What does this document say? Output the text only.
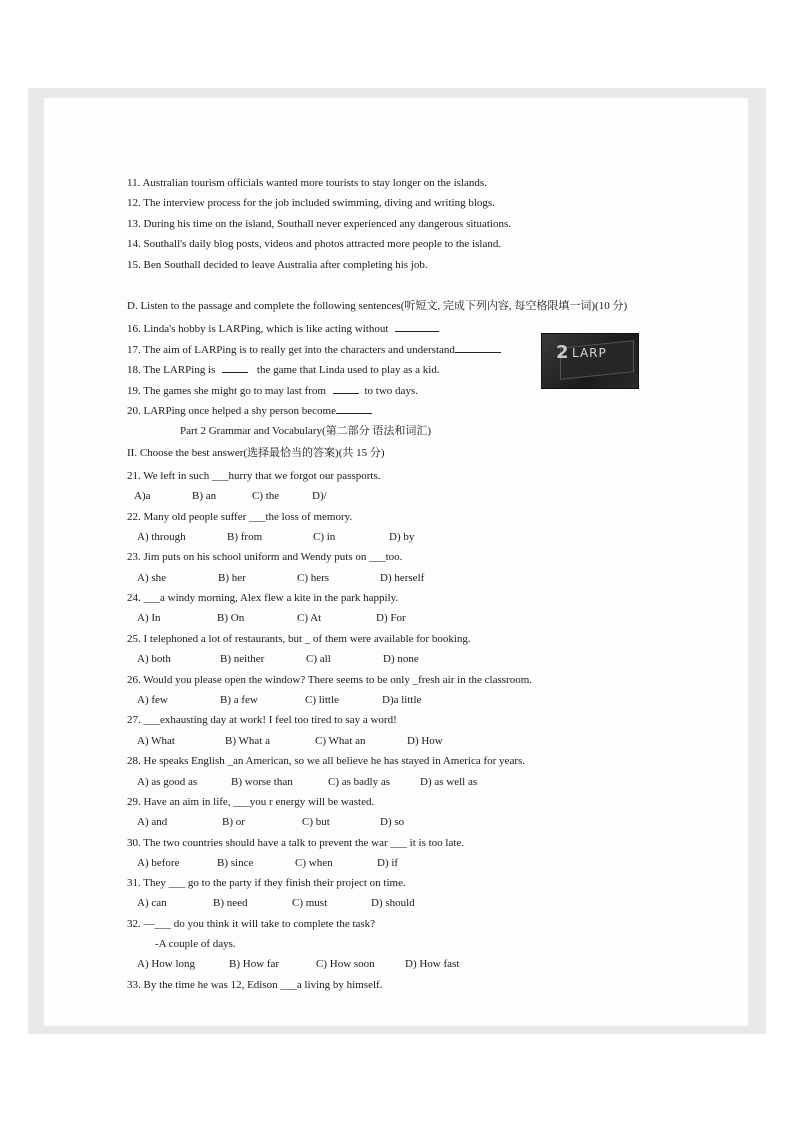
11. Australian tourism officials wanted more tourists to stay longer on the islands.
12. The interview process for the job included swimming, diving and writing blogs.
13. During his time on the island, Southall never experienced any dangerous situations.
14. Southall's daily blog posts, videos and photos attracted more people to the island.
15. Ben Southall decided to leave Australia after completing his job.
D. Listen to the passage and complete the following sentences(听短文, 完成下列内容, 每空格限填一词)(10 分)
16. Linda's hobby is LARPing, which is like acting without
17. The aim of LARPing is to really get into the characters and understand
18. The LARPing is	the game that Linda used to play as a kid.
19. The games she might go to may last from	to two days.
20. LARPing once helped a shy person become
2 LARP
Part 2 Grammar and Vocabulary(第二部分 语法和词汇)
II. Choose the best answer(选择最恰当的答案)(共 15 分)
21. We left in such ___hurry that we forgot our passports.
A)a	B) an	C) the	D)/
22. Many old people suffer ___the loss of memory.
A) through	B) from	C) in	D) by
23. Jim puts on his school uniform and Wendy puts on ___too.
A) she	B) her	C) hers	D) herself
24. ___a windy morning, Alex flew a kite in the park happily.
A) In	B) On	C) At	D) For
25. I telephoned a lot of restaurants, but _ of them were available for booking.
A) both	B) neither	C) all	D) none
26. Would you please open the window? There seems to be only _fresh air in the classroom.
A) few	B) a few	C) little	D)a little
27. ___exhausting day at work! I feel too tired to say a word!
A) What	B) What a	C) What an	D) How
28. He speaks English _an American, so we all believe he has stayed in America for years.
A) as good as	B) worse than	C) as badly as	D) as well as
29. Have an aim in life, ___you r energy will be wasted.
A) and	B) or	C) but	D) so
30. The two countries should have a talk to prevent the war ___ it is too late.
A) before	B) since	C) when	D) if
31. They ___ go to the party if they finish their project on time.
A) can	B) need	C) must	D) should
32. —___ do you think it will take to complete the task?
-A couple of days.
A) How long	B) How far	C) How soon	D) How fast
33. By the time he was 12, Edison ___a living by himself.
